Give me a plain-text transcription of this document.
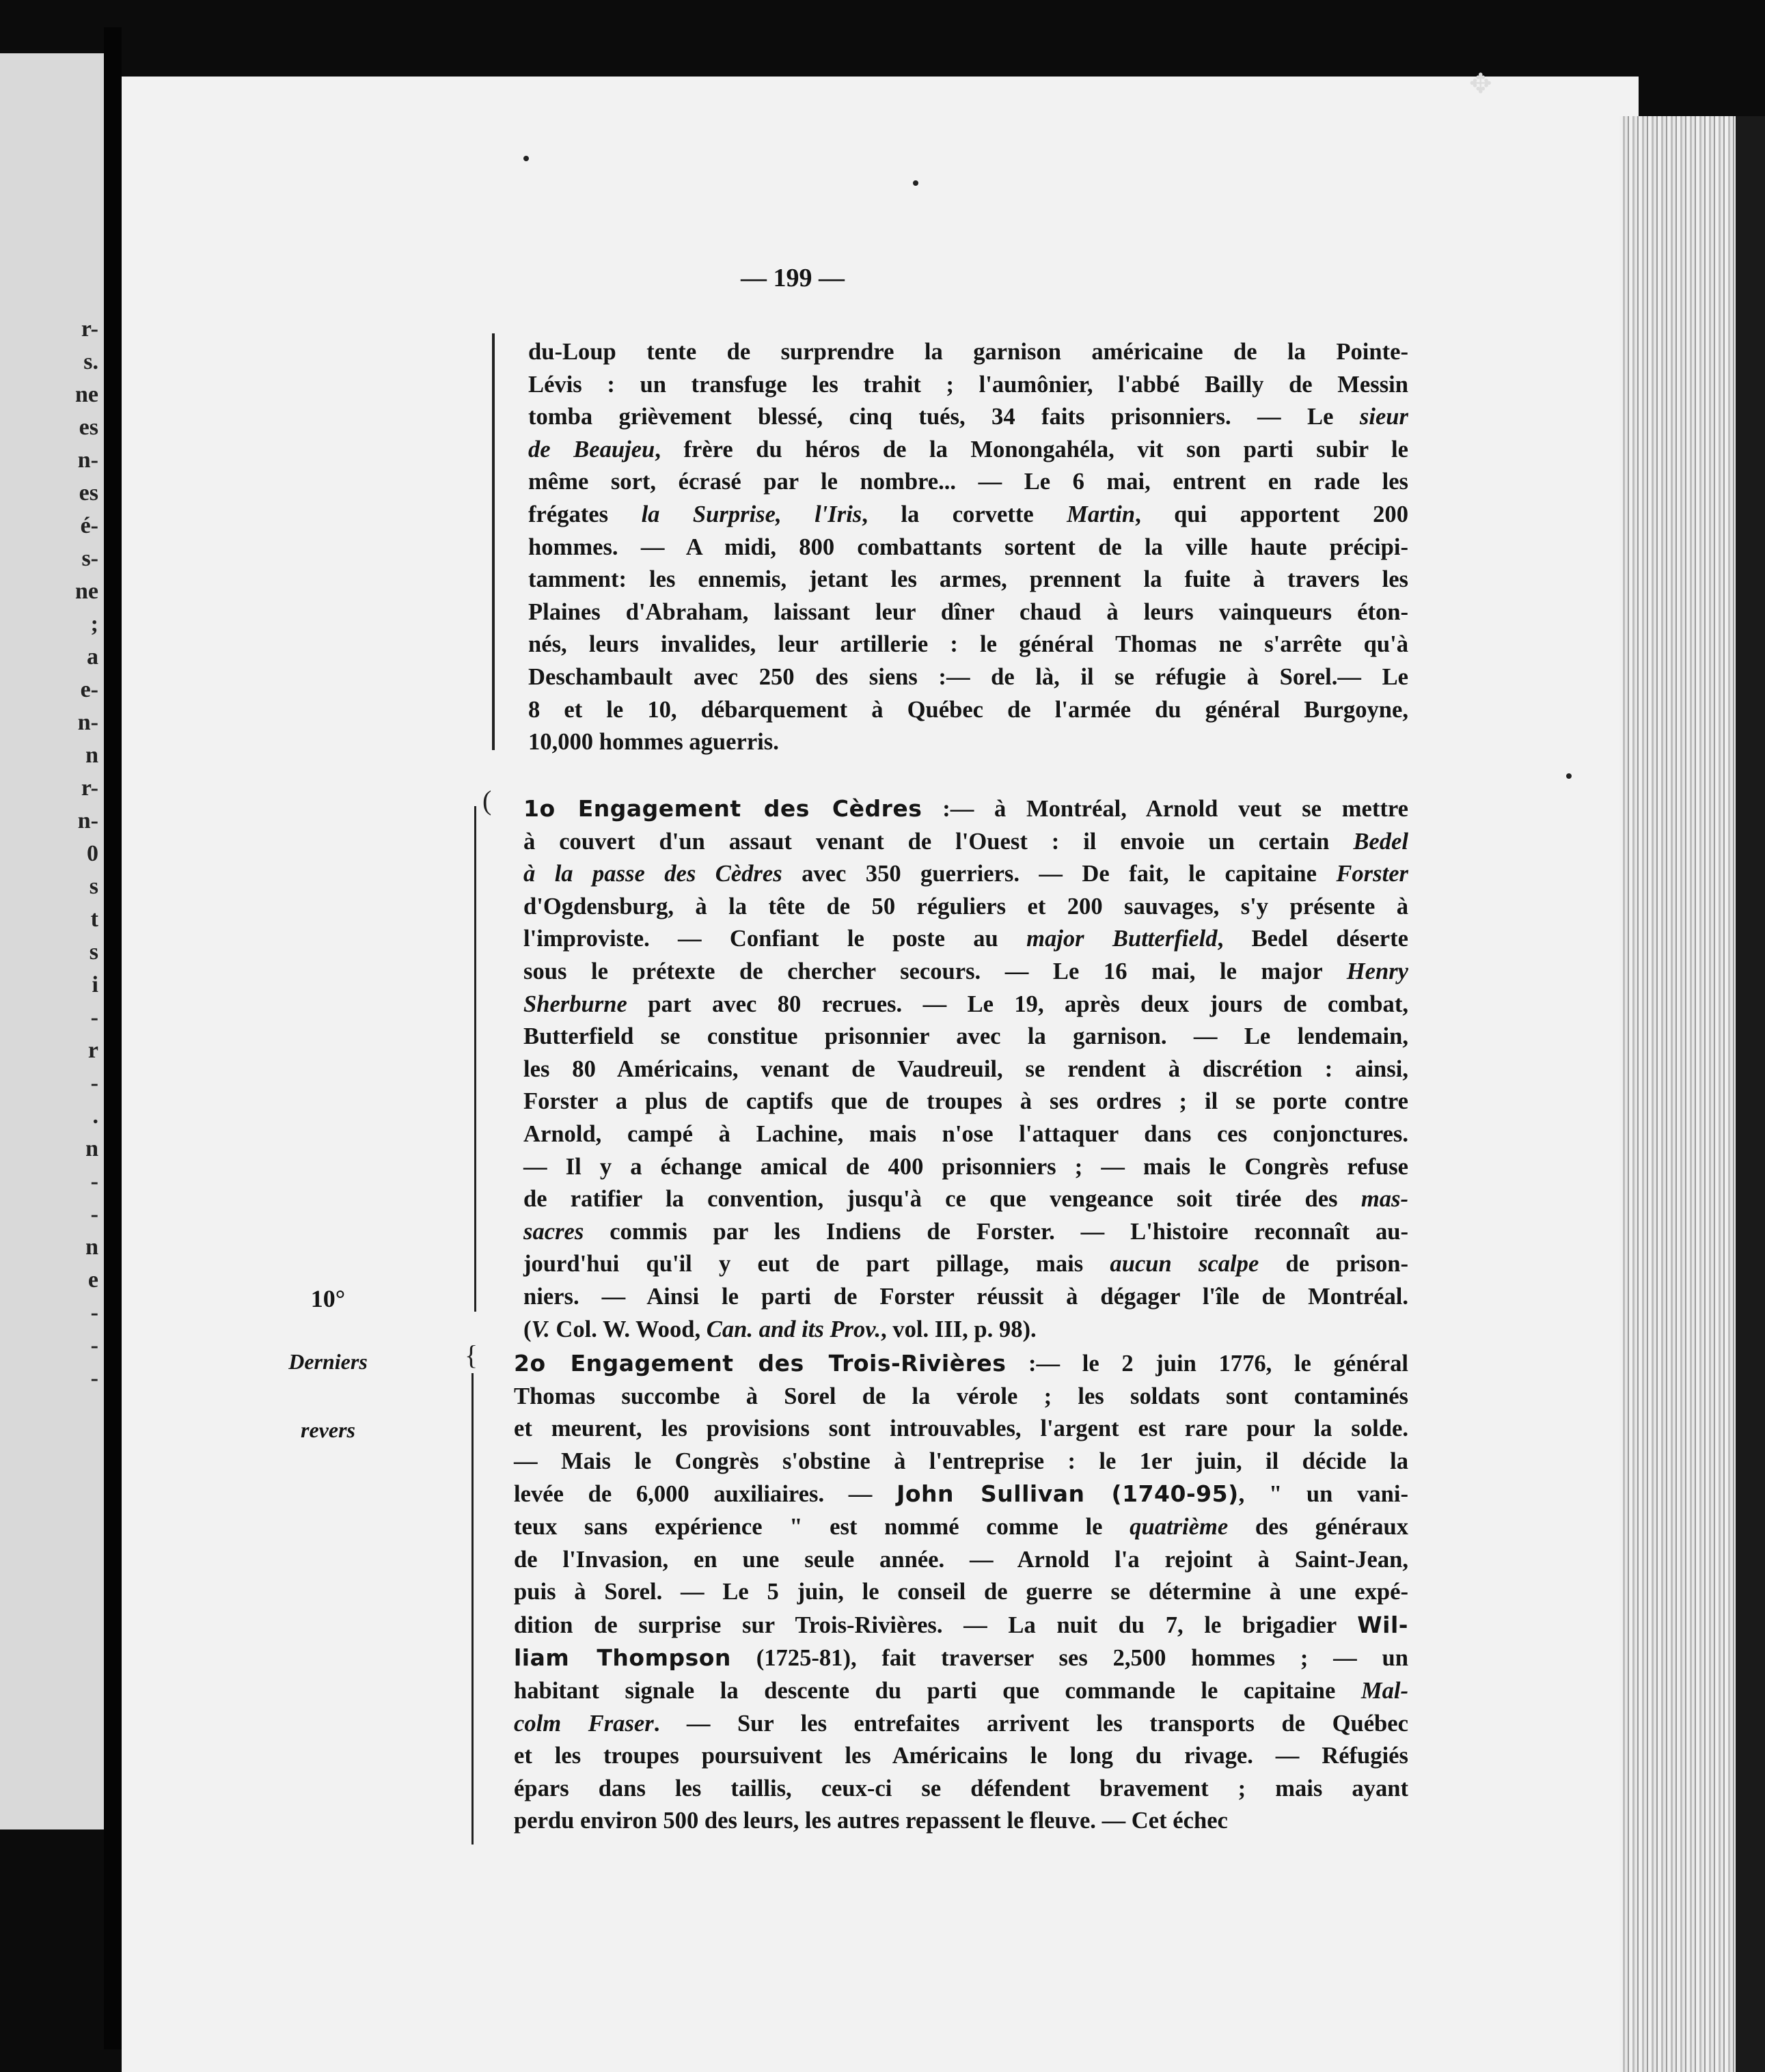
r-
s.
ne
es
n-
es
é-
s-
ne
;
a
e-
n-
n
r-
n-
0
s
t
s
i
-
r
-
.
n
-
-
n
e
-
-
-
✥
— 199 —
(
{
du-Loup tente de surprendre la garnison américaine de la Pointe-
Lévis : un transfuge les trahit ; l'aumônier, l'abbé Bailly de Messin
tomba grièvement blessé, cinq tués, 34 faits prisonniers. — Le sieur
de Beaujeu, frère du héros de la Monongahéla, vit son parti subir le
même sort, écrasé par le nombre... — Le 6 mai, entrent en rade les
frégates la Surprise, l'Iris, la corvette Martin, qui apportent 200
hommes. — A midi, 800 combattants sortent de la ville haute précipi-
tamment: les ennemis, jetant les armes, prennent la fuite à travers les
Plaines d'Abraham, laissant leur dîner chaud à leurs vainqueurs éton-
nés, leurs invalides, leur artillerie : le général Thomas ne s'arrête qu'à
Deschambault avec 250 des siens :— de là, il se réfugie à Sorel.— Le
8 et le 10, débarquement à Québec de l'armée du général Burgoyne,
10,000 hommes aguerris.
1o Engagement des Cèdres :— à Montréal, Arnold veut se mettre
à couvert d'un assaut venant de l'Ouest : il envoie un certain Bedel
à la passe des Cèdres avec 350 guerriers. — De fait, le capitaine Forster
d'Ogdensburg, à la tête de 50 réguliers et 200 sauvages, s'y présente à
l'improviste. — Confiant le poste au major Butterfield, Bedel déserte
sous le prétexte de chercher secours. — Le 16 mai, le major Henry
Sherburne part avec 80 recrues. — Le 19, après deux jours de combat,
Butterfield se constitue prisonnier avec la garnison. — Le lendemain,
les 80 Américains, venant de Vaudreuil, se rendent à discrétion : ainsi,
Forster a plus de captifs que de troupes à ses ordres ; il se porte contre
Arnold, campé à Lachine, mais n'ose l'attaquer dans ces conjonctures.
— Il y a échange amical de 400 prisonniers ; — mais le Congrès refuse
de ratifier la convention, jusqu'à ce que vengeance soit tirée des mas-
sacres commis par les Indiens de Forster. — L'histoire reconnaît au-
jourd'hui qu'il y eut de part pillage, mais aucun scalpe de prison-
niers. — Ainsi le parti de Forster réussit à dégager l'île de Montréal.
(V. Col. W. Wood, Can. and its Prov., vol. III, p. 98).
2o Engagement des Trois-Rivières :— le 2 juin 1776, le général
Thomas succombe à Sorel de la vérole ; les soldats sont contaminés
et meurent, les provisions sont introuvables, l'argent est rare pour la solde.
— Mais le Congrès s'obstine à l'entreprise : le 1er juin, il décide la
levée de 6,000 auxiliaires. — John Sullivan (1740-95), " un vani-
teux sans expérience " est nommé comme le quatrième des généraux
de l'Invasion, en une seule année. — Arnold l'a rejoint à Saint-Jean,
puis à Sorel. — Le 5 juin, le conseil de guerre se détermine à une expé-
dition de surprise sur Trois-Rivières. — La nuit du 7, le brigadier Wil-
liam Thompson (1725-81), fait traverser ses 2,500 hommes ; — un
habitant signale la descente du parti que commande le capitaine Mal-
colm Fraser. — Sur les entrefaites arrivent les transports de Québec
et les troupes poursuivent les Américains le long du rivage. — Réfugiés
épars dans les taillis, ceux-ci se défendent bravement ; mais ayant
perdu environ 500 des leurs, les autres repassent le fleuve. — Cet échec
10°
Derniers
revers
